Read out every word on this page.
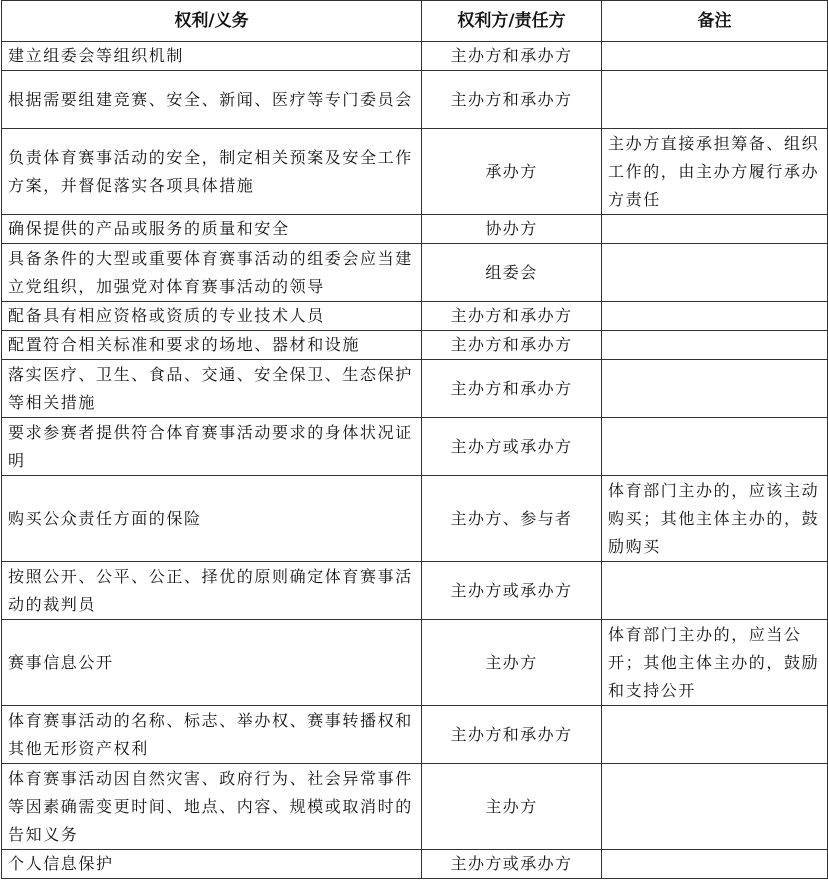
权利/义务	权利方/责任方	备注
建立组委会等组织机制	主办方和承办方	
根据需要组建竞赛、安全、新闻、医疗等专门委员会	主办方和承办方	
负责体育赛事活动的安全，制定相关预案及安全工作方案，并督促落实各项具体措施	承办方	主办方直接承担筹备、组织工作的，由主办方履行承办方责任
确保提供的产品或服务的质量和安全	协办方	
具备条件的大型或重要体育赛事活动的组委会应当建立党组织，加强党对体育赛事活动的领导	组委会	
配备具有相应资格或资质的专业技术人员	主办方和承办方	
配置符合相关标准和要求的场地、器材和设施	主办方和承办方	
落实医疗、卫生、食品、交通、安全保卫、生态保护等相关措施	主办方和承办方	
要求参赛者提供符合体育赛事活动要求的身体状况证明	主办方或承办方	
购买公众责任方面的保险	主办方、参与者	体育部门主办的，应该主动购买；其他主体主办的，鼓励购买
按照公开、公平、公正、择优的原则确定体育赛事活动的裁判员	主办方或承办方	
赛事信息公开	主办方	体育部门主办的，应当公开；其他主体主办的，鼓励和支持公开
体育赛事活动的名称、标志、举办权、赛事转播权和其他无形资产权利	主办方和承办方	
体育赛事活动因自然灾害、政府行为、社会异常事件等因素确需变更时间、地点、内容、规模或取消时的告知义务	主办方	
个人信息保护	主办方或承办方	
